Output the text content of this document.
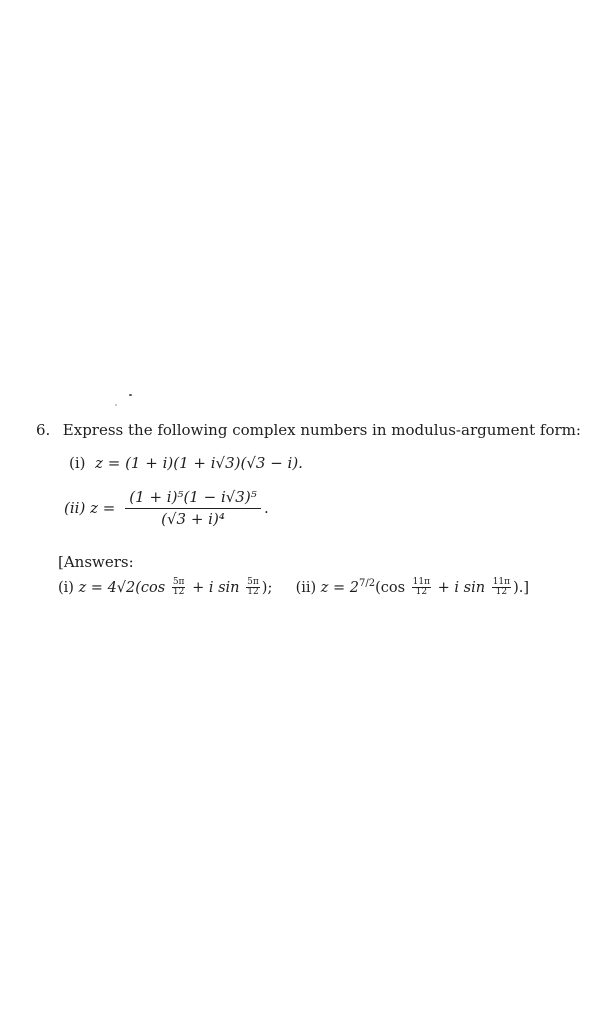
6. Express the following complex numbers in modulus-argument form:
(i) z = (1 + i)(1 + i√3)(√3 − i).
(ii) z =
(1 + i)⁵(1 − i√3)⁵
(√3 + i)⁴
.
[Answers:
(i) $z = 4√2(\cos \frac{5\pi}{12} + i$ $\sin \frac{5\pi}{12}$ ); (ii) $z = 2^{7/2}(\cos \frac{11\pi}{12} + i$ $\sin \frac{11\pi}{12}$ ).]
